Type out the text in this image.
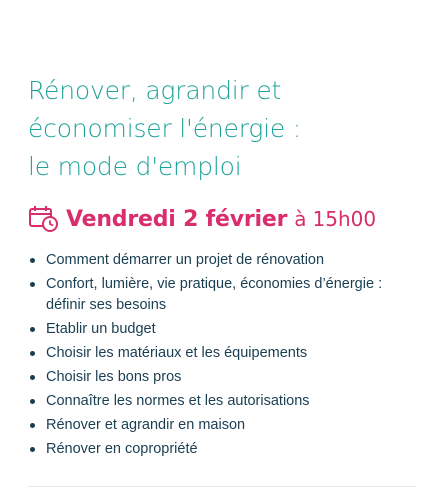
Rénover, agrandir et
économiser l'énergie :
le mode d'emploi
Vendredi 2 février à 15h00
Comment démarrer un projet de rénovation
Confort, lumière, vie pratique, économies d’énergie : définir ses besoins
Etablir un budget
Choisir les matériaux et les équipements
Choisir les bons pros
Connaître les normes et les autorisations
Rénover et agrandir en maison
Rénover en copropriété
